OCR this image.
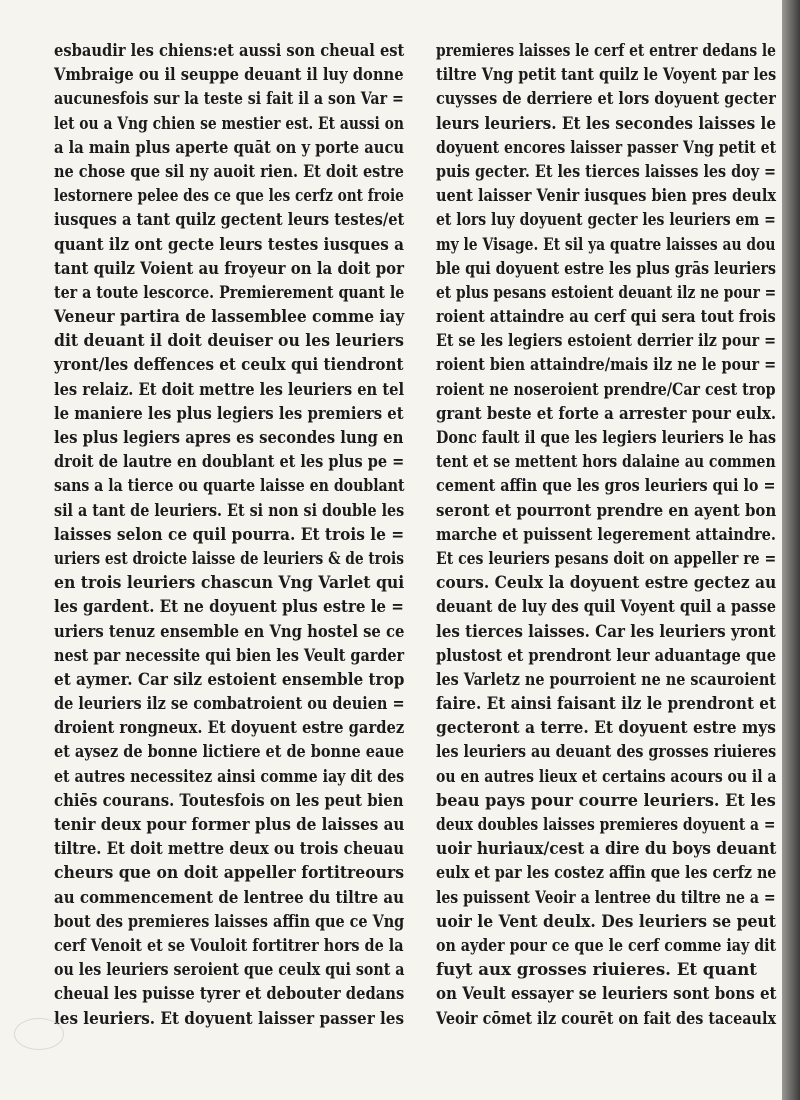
esbaudir les chiens:et aussi son cheual est
Vmbraige ou il seuppe deuant il luy donne
aucunesfois sur la teste si fait il a son Var =
let ou a Vng chien se mestier est. Et aussi on
a la main plus aperte quāt on y porte aucu
ne chose que sil ny auoit rien. Et doit estre
lestornere pelee des ce que les cerfz ont froie
iusques a tant quilz gectent leurs testes/et
quant ilz ont gecte leurs testes iusques a
tant quilz Voient au froyeur on la doit por
ter a toute lescorce. Premierement quant le
Veneur partira de lassemblee comme iay
dit deuant il doit deuiser ou les leuriers
yront/les deffences et ceulx qui tiendront
les relaiz. Et doit mettre les leuriers en tel
le maniere les plus legiers les premiers et
les plus legiers apres es secondes lung en
droit de lautre en doublant et les plus pe =
sans a la tierce ou quarte laisse en doublant
sil a tant de leuriers. Et si non si double les
laisses selon ce quil pourra. Et trois le =
uriers est droicte laisse de leuriers & de trois
en trois leuriers chascun Vng Varlet qui
les gardent. Et ne doyuent plus estre le =
uriers tenuz ensemble en Vng hostel se ce
nest par necessite qui bien les Veult garder
et aymer. Car silz estoient ensemble trop
de leuriers ilz se combatroient ou deuien =
droient rongneux. Et doyuent estre gardez
et aysez de bonne lictiere et de bonne eaue
et autres necessitez ainsi comme iay dit des
chiēs courans. Toutesfois on les peut bien
tenir deux pour former plus de laisses au
tiltre. Et doit mettre deux ou trois cheuau
cheurs que on doit appeller fortitreours
au commencement de lentree du tiltre au
bout des premieres laisses affin que ce Vng
cerf Venoit et se Vouloit fortitrer hors de la
ou les leuriers seroient que ceulx qui sont a
cheual les puisse tyrer et debouter dedans
les leuriers. Et doyuent laisser passer les
premieres laisses le cerf et entrer dedans le
tiltre Vng petit tant quilz le Voyent par les
cuysses de derriere et lors doyuent gecter
leurs leuriers. Et les secondes laisses le
doyuent encores laisser passer Vng petit et
puis gecter. Et les tierces laisses les doy =
uent laisser Venir iusques bien pres deulx
et lors luy doyuent gecter les leuriers em =
my le Visage. Et sil ya quatre laisses au dou
ble qui doyuent estre les plus grās leuriers
et plus pesans estoient deuant ilz ne pour =
roient attaindre au cerf qui sera tout frois
Et se les legiers estoient derrier ilz pour =
roient bien attaindre/mais ilz ne le pour =
roient ne noseroient prendre/Car cest trop
grant beste et forte a arrester pour eulx.
Donc fault il que les legiers leuriers le has
tent et se mettent hors dalaine au commen
cement affin que les gros leuriers qui lo =
seront et pourront prendre en ayent bon
marche et puissent legerement attaindre.
Et ces leuriers pesans doit on appeller re =
cours. Ceulx la doyuent estre gectez au
deuant de luy des quil Voyent quil a passe
les tierces laisses. Car les leuriers yront
plustost et prendront leur aduantage que
les Varletz ne pourroient ne ne scauroient
faire. Et ainsi faisant ilz le prendront et
gecteront a terre. Et doyuent estre mys
les leuriers au deuant des grosses riuieres
ou en autres lieux et certains acours ou il a
beau pays pour courre leuriers. Et les
deux doubles laisses premieres doyuent a =
uoir huriaux/cest a dire du boys deuant
eulx et par les costez affin que les cerfz ne
les puissent Veoir a lentree du tiltre ne a =
uoir le Vent deulx. Des leuriers se peut
on ayder pour ce que le cerf comme iay dit
fuyt aux grosses riuieres. Et quant
on Veult essayer se leuriers sont bons et
Veoir cōmet ilz courēt on fait des taceaulx
